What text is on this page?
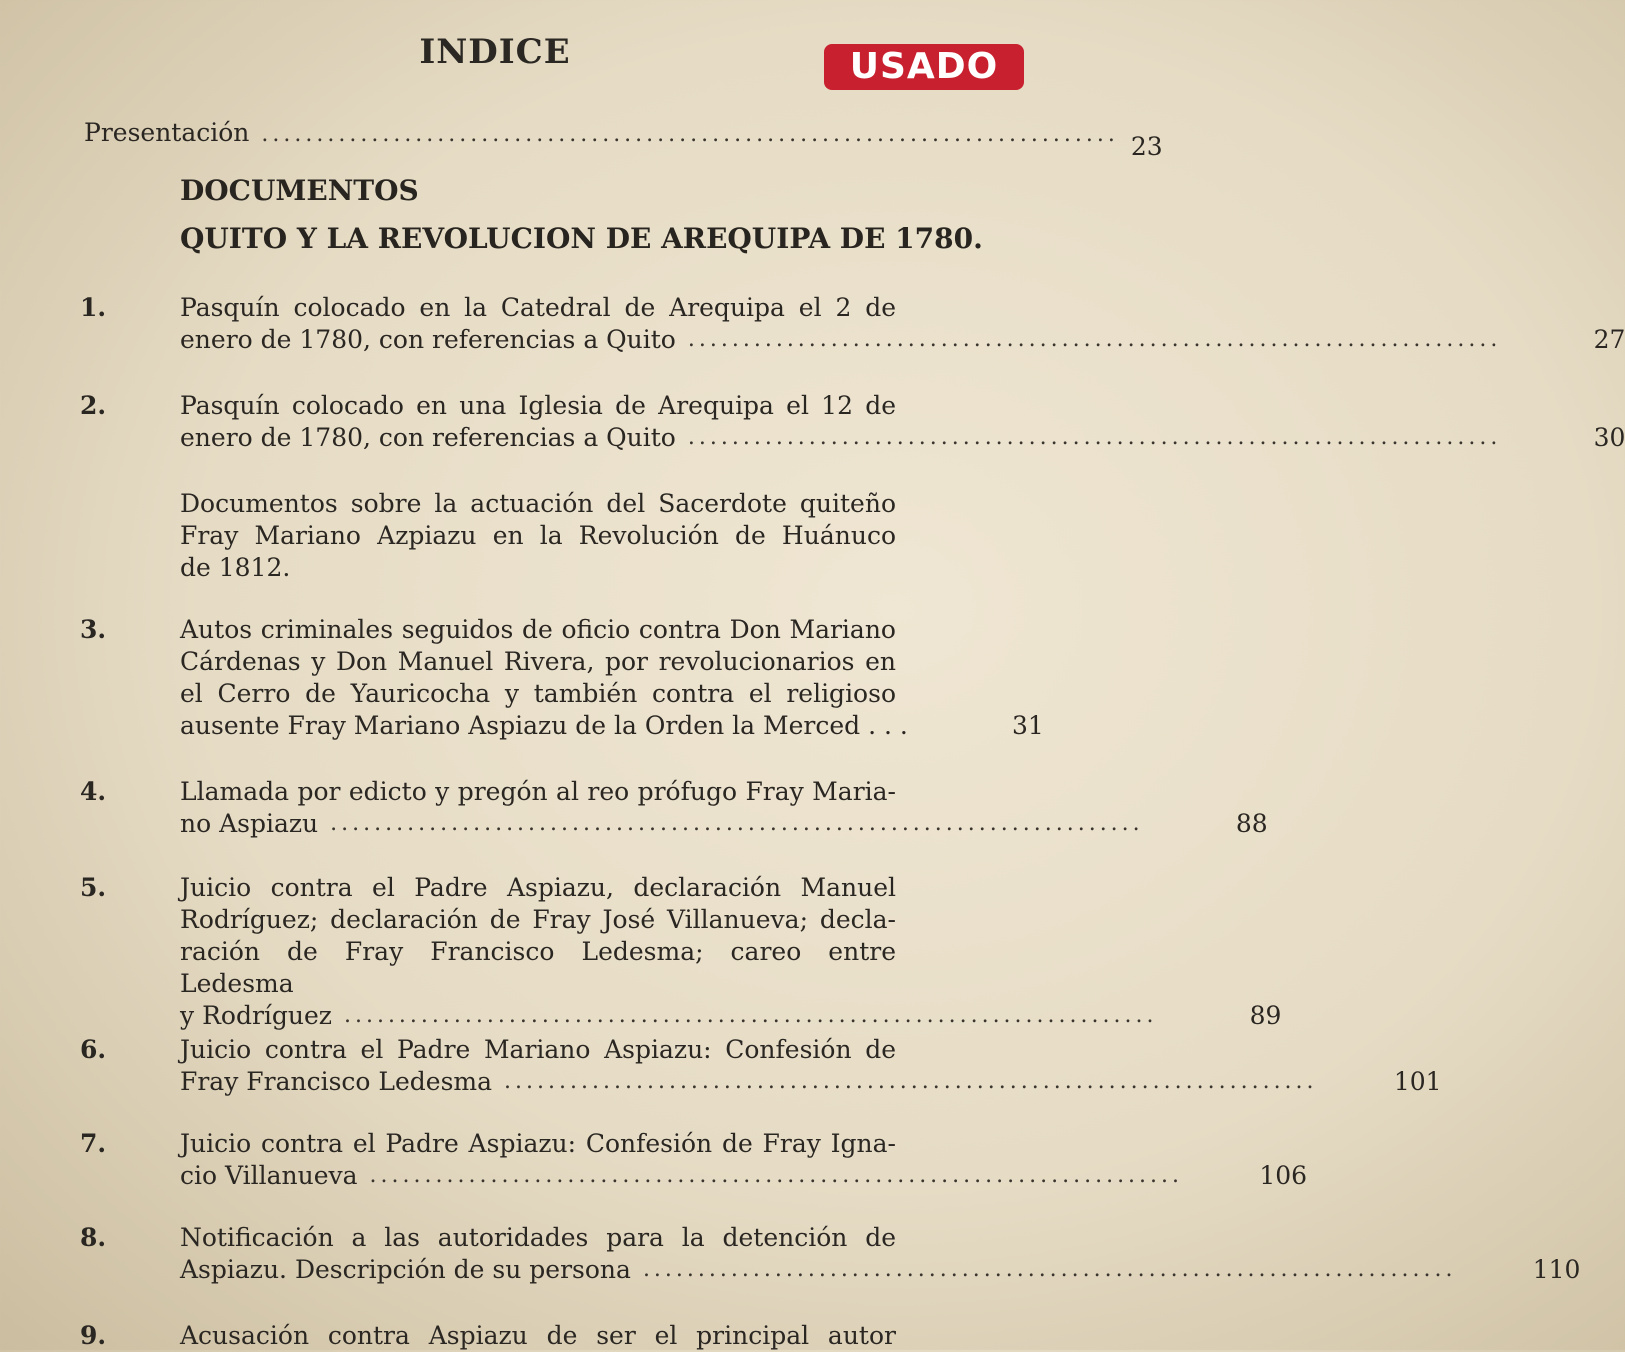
INDICE	USADO
Presentación .............................................................................. 23
DOCUMENTOS
QUITO Y LA REVOLUCION DE AREQUIPA DE 1780.
1.	Pasquín colocado en la Catedral de Arequipa el 2 de
enero de 1780, con referencias a Quito ..........................................................................	27
2.	Pasquín colocado en una Iglesia de Arequipa el 12 de
enero de 1780, con referencias a Quito ..........................................................................	30
Documentos sobre la actuación del Sacerdote quiteño
Fray Mariano Azpiazu en la Revolución de Huánuco
de 1812.
3.	Autos criminales seguidos de oficio contra Don Mariano
Cárdenas y Don Manuel Rivera, por revolucionarios en
el Cerro de Yauricocha y también contra el religioso
ausente Fray Mariano Aspiazu de la Orden la Merced . . .	31
4.	Llamada por edicto y pregón al reo prófugo Fray Maria-
no Aspiazu ..........................................................................	88
5.	Juicio contra el Padre Aspiazu, declaración Manuel
Rodríguez; declaración de Fray José Villanueva; decla-
ración de Fray Francisco Ledesma; careo entre Ledesma
y Rodríguez ..........................................................................	89
6.	Juicio contra el Padre Mariano Aspiazu: Confesión de
Fray Francisco Ledesma ..........................................................................	101
7.	Juicio contra el Padre Aspiazu: Confesión de Fray Igna-
cio Villanueva ..........................................................................	106
8.	Notificación a las autoridades para la detención de
Aspiazu. Descripción de su persona ..........................................................................	110
9.	Acusación contra Aspiazu de ser el principal autor
